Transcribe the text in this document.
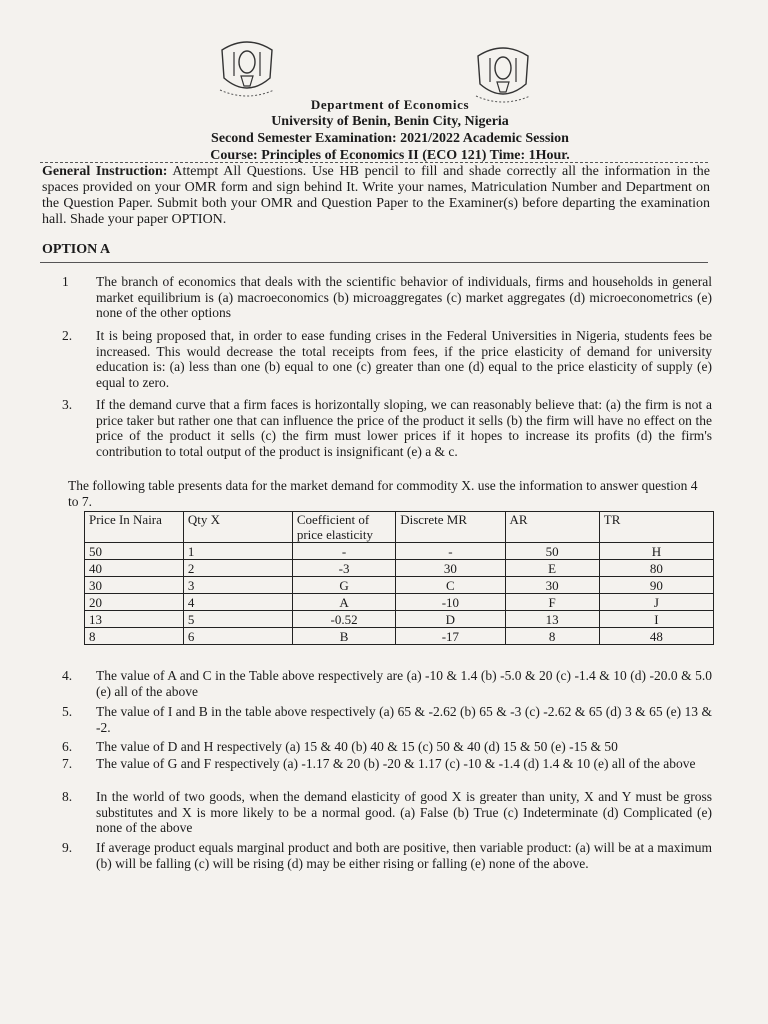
Department of Economics
University of Benin, Benin City, Nigeria
Second Semester Examination: 2021/2022 Academic Session
Course: Principles of Economics II (ECO 121) Time: 1Hour.
General Instruction: Attempt All Questions. Use HB pencil to fill and shade correctly all the information in the spaces provided on your OMR form and sign behind It. Write your names, Matriculation Number and Department on the Question Paper. Submit both your OMR and Question Paper to the Examiner(s) before departing the examination hall. Shade your paper OPTION.
OPTION A
1	The branch of economics that deals with the scientific behavior of individuals, firms and households in general market equilibrium is (a) macroeconomics (b) microaggregates (c) market aggregates (d) microeconometrics (e) none of the other options
2.	It is being proposed that, in order to ease funding crises in the Federal Universities in Nigeria, students fees be increased. This would decrease the total receipts from fees, if the price elasticity of demand for university education is: (a) less than one (b) equal to one (c) greater than one (d) equal to the price elasticity of supply (e) equal to zero.
3.	If the demand curve that a firm faces is horizontally sloping, we can reasonably believe that: (a) the firm is not a price taker but rather one that can influence the price of the product it sells (b) the firm will have no effect on the price of the product it sells (c) the firm must lower prices if it hopes to increase its profits (d) the firm's contribution to total output of the product is insignificant (e) a & c.
The following table presents data for the market demand for commodity X. use the information to answer question 4 to 7.
Price In Naira	Qty X	Coefficient of price elasticity	Discrete MR	AR	TR
50	1	-	-	50	H
40	2	-3	30	E	80
30	3	G	C	30	90
20	4	A	-10	F	J
13	5	-0.52	D	13	I
8	6	B	-17	8	48
4.	The value of A and C in the Table above respectively are (a) -10 & 1.4 (b) -5.0 & 20 (c) -1.4 & 10 (d) -20.0 & 5.0 (e) all of the above
5.	The value of I and B in the table above respectively (a) 65 & -2.62 (b) 65 & -3 (c) -2.62 & 65 (d) 3 & 65 (e) 13 & -2.
6.	The value of D and H respectively (a) 15 & 40 (b) 40 & 15 (c) 50 & 40 (d) 15 & 50 (e) -15 & 50
7.	The value of G and F respectively (a) -1.17 & 20 (b) -20 & 1.17 (c) -10 & -1.4 (d) 1.4 & 10 (e) all of the above
8.	In the world of two goods, when the demand elasticity of good X is greater than unity, X and Y must be gross substitutes and X is more likely to be a normal good. (a) False (b) True (c) Indeterminate (d) Complicated (e) none of the above
9.	If average product equals marginal product and both are positive, then variable product: (a) will be at a maximum (b) will be falling (c) will be rising (d) may be either rising or falling (e) none of the above.
